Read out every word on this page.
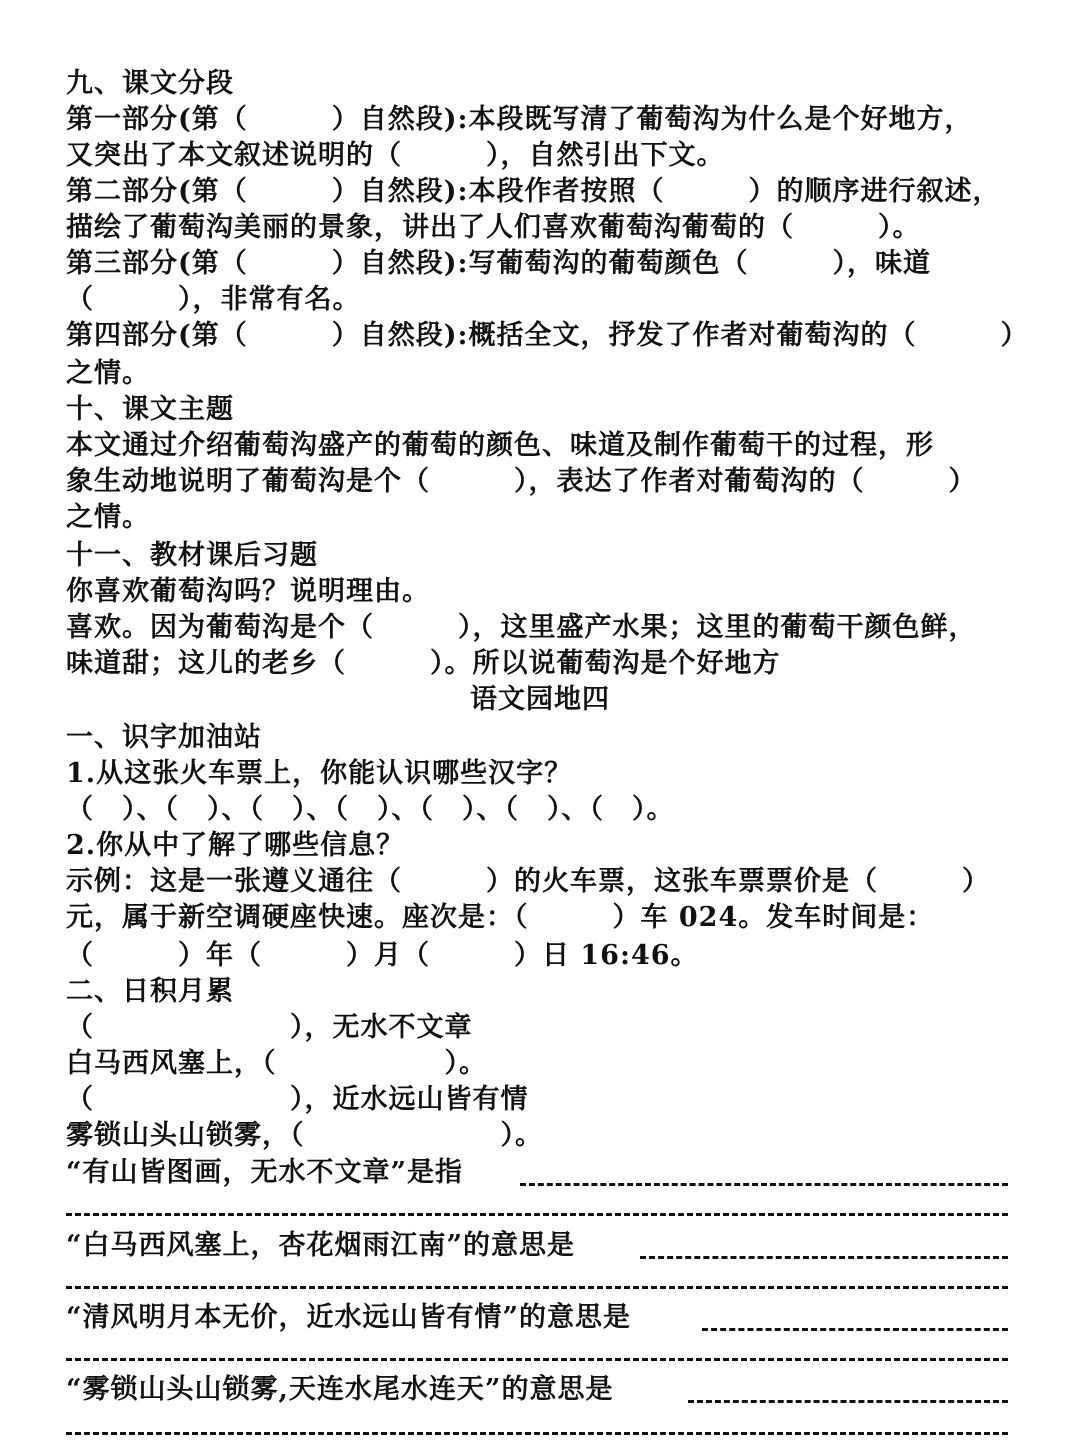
九、课文分段
第一部分(第（　　　）自然段):本段既写清了葡萄沟为什么是个好地方，
又突出了本文叙述说明的（　　　），自然引出下文。
第二部分(第（　　　）自然段):本段作者按照（　　　）的顺序进行叙述，
描绘了葡萄沟美丽的景象，讲出了人们喜欢葡萄沟葡萄的（　　　）。
第三部分(第（　　　）自然段):写葡萄沟的葡萄颜色（　　　），味道
（　　　），非常有名。
第四部分(第（　　　）自然段):概括全文，抒发了作者对葡萄沟的（　　　）
之情。
十、课文主题
本文通过介绍葡萄沟盛产的葡萄的颜色、味道及制作葡萄干的过程，形
象生动地说明了葡萄沟是个（　　　），表达了作者对葡萄沟的（　　　）
之情。
十一、教材课后习题
你喜欢葡萄沟吗？说明理由。
喜欢。因为葡萄沟是个（　　　），这里盛产水果；这里的葡萄干颜色鲜，
味道甜；这儿的老乡（　　　）。所以说葡萄沟是个好地方
语文园地四
一、识字加油站
1.从这张火车票上，你能认识哪些汉字？
（　）、（　）、（　）、（　）、（　）、（　）、（　）。
2.你从中了解了哪些信息？
示例：这是一张遵义通往（　　　）的火车票，这张车票票价是（　　　）
元，属于新空调硬座快速。座次是：（　　　）车 024。发车时间是：
（　　　）年（　　　）月（　　　）日 16:46。
二、日积月累
（　　　　　　　），无水不文章
白马西风塞上，（　　　　　　）。
（　　　　　　　），近水远山皆有情
雾锁山头山锁雾，（　　　　　　　）。
“有山皆图画，无水不文章”是指
“白马西风塞上，杏花烟雨江南”的意思是
“清风明月本无价，近水远山皆有情”的意思是
“雾锁山头山锁雾,天连水尾水连天”的意思是
